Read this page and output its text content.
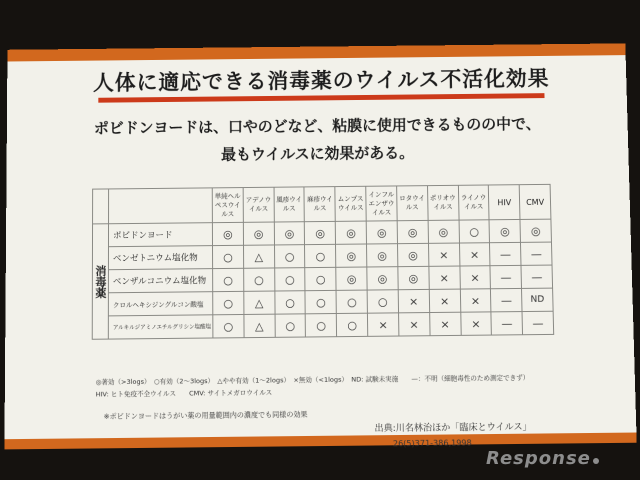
人体に適応できる消毒薬のウイルス不活化効果
ポビドンヨードは、口やのどなど、粘膜に使用できるものの中で、
最もウイルスに効果がある。
		単純ヘルペスウイルス	アデノウイルス	風疹ウイルス	麻疹ウイルス	ムンプスウイルス	インフルエンザウイルス	ロタウイルス	ポリオウイルス	ライノウイルス	HIV	CMV
消毒薬	ポビドンヨード	◎	◎	◎	◎	◎	◎	◎	◎	○	◎	◎
	ベンゼトニウム塩化物	○	△	○	○	◎	◎	◎	×	×	—	—
	ベンザルコニウム塩化物	○	○	○	○	◎	◎	◎	×	×	—	—
	クロルヘキシジングルコン酸塩	○	△	○	○	○	○	×	×	×	—	ND
	アルキルジアミノエチルグリシン塩酸塩	○	△	○	○	○	×	×	×	×	—	—
◎著効（>3logs）　○有効（2〜3logs）　△やや有効（1〜2logs）　×無効（<1logs）　ND: 試験未実施　　—：不明（細胞毒性のため測定できず）
HIV: ヒト免疫不全ウイルス　　CMV: サイトメガロウイルス
※ポビドンヨードはうがい薬の用量範囲内の濃度でも同様の効果
出典:川名林治ほか「臨床とウイルス」
26(5)371-386,1998
Response
